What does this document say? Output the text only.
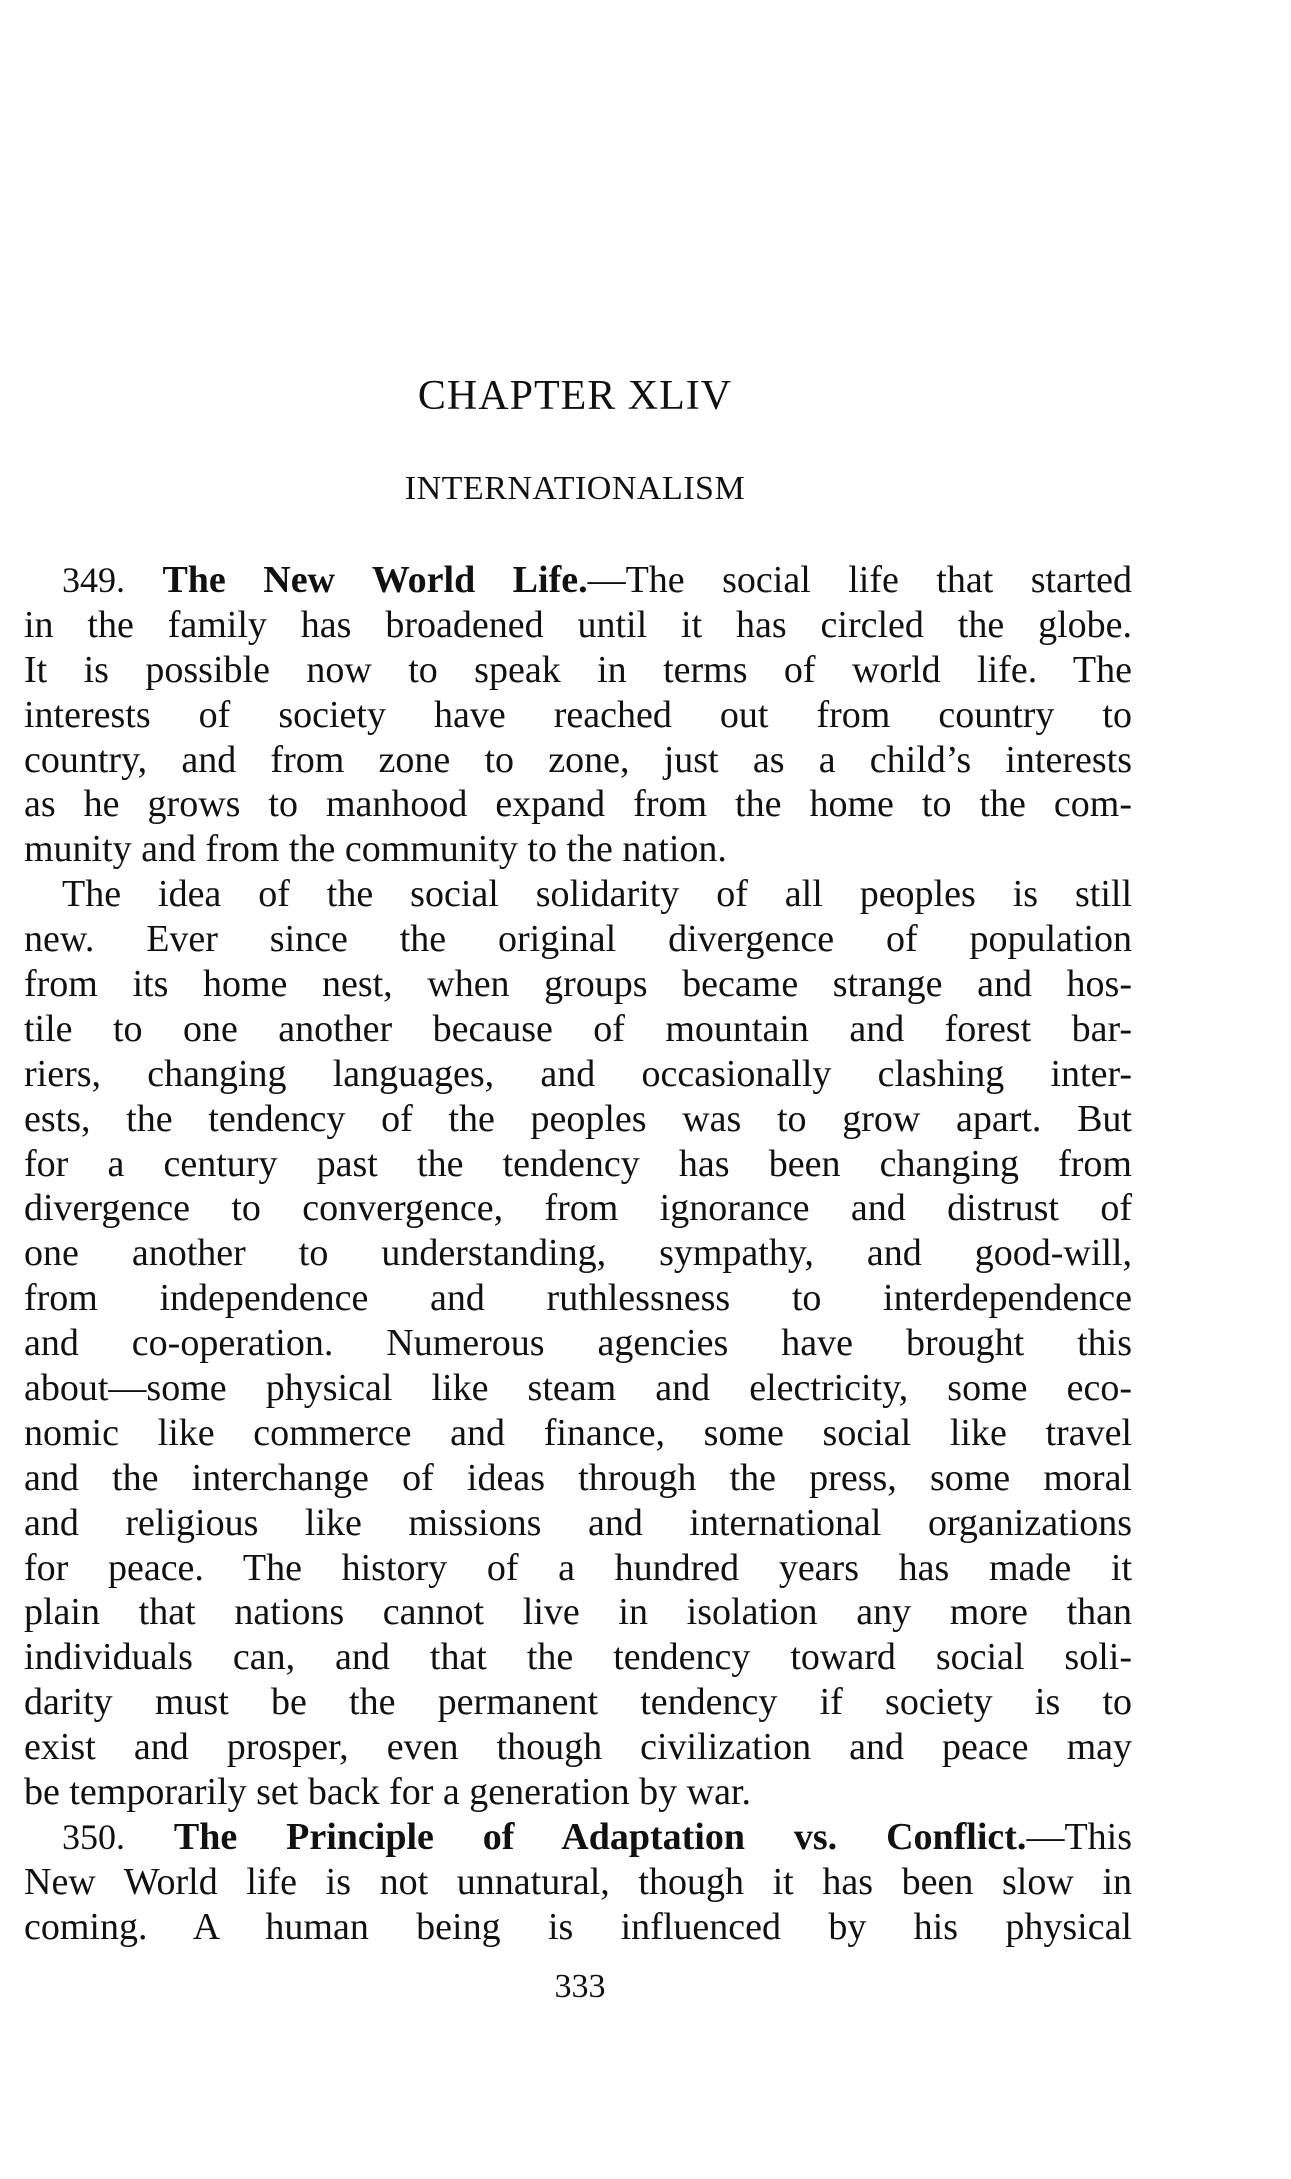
CHAPTER XLIV
INTERNATIONALISM
349. The New World Life.—The social life that started
in the family has broadened until it has circled the globe.
It is possible now to speak in terms of world life. The
interests of society have reached out from country to
country, and from zone to zone, just as a child’s interests
as he grows to manhood expand from the home to the com-
munity and from the community to the nation.
The idea of the social solidarity of all peoples is still
new. Ever since the original divergence of population
from its home nest, when groups became strange and hos-
tile to one another because of mountain and forest bar-
riers, changing languages, and occasionally clashing inter-
ests, the tendency of the peoples was to grow apart. But
for a century past the tendency has been changing from
divergence to convergence, from ignorance and distrust of
one another to understanding, sympathy, and good-will,
from independence and ruthlessness to interdependence
and co-operation. Numerous agencies have brought this
about—some physical like steam and electricity, some eco-
nomic like commerce and finance, some social like travel
and the interchange of ideas through the press, some moral
and religious like missions and international organizations
for peace. The history of a hundred years has made it
plain that nations cannot live in isolation any more than
individuals can, and that the tendency toward social soli-
darity must be the permanent tendency if society is to
exist and prosper, even though civilization and peace may
be temporarily set back for a generation by war.
350. The Principle of Adaptation vs. Conflict.—This
New World life is not unnatural, though it has been slow in
coming. A human being is influenced by his physical
333
